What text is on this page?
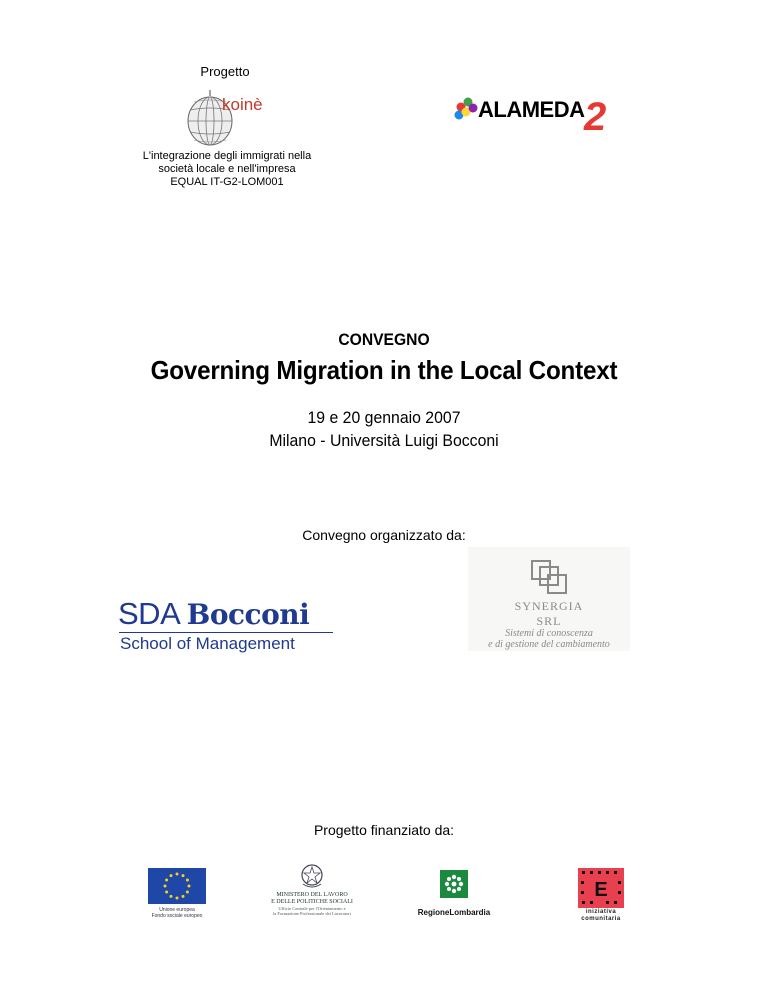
Progetto
koinè
L'integrazione degli immigrati nella
società locale e nell'impresa
EQUAL IT-G2-LOM001
ALAMEDA 2
CONVEGNO
Governing Migration in the Local Context
19 e 20 gennaio 2007
Milano - Università Luigi Bocconi
Convegno organizzato da:
SDA Bocconi
School of Management
SYNERGIA
SRL
Sistemi di conoscenza
e di gestione del cambiamento
Progetto finanziato da:
Unione europea
Fondo sociale europeo
MINISTERO DEL LAVORO
E DELLE POLITICHE SOCIALI
Ufficio Centrale per l'Orientamento e
la Formazione Professionale dei Lavoratori	RegioneLombardia
E
iniziativa
comunitaria
